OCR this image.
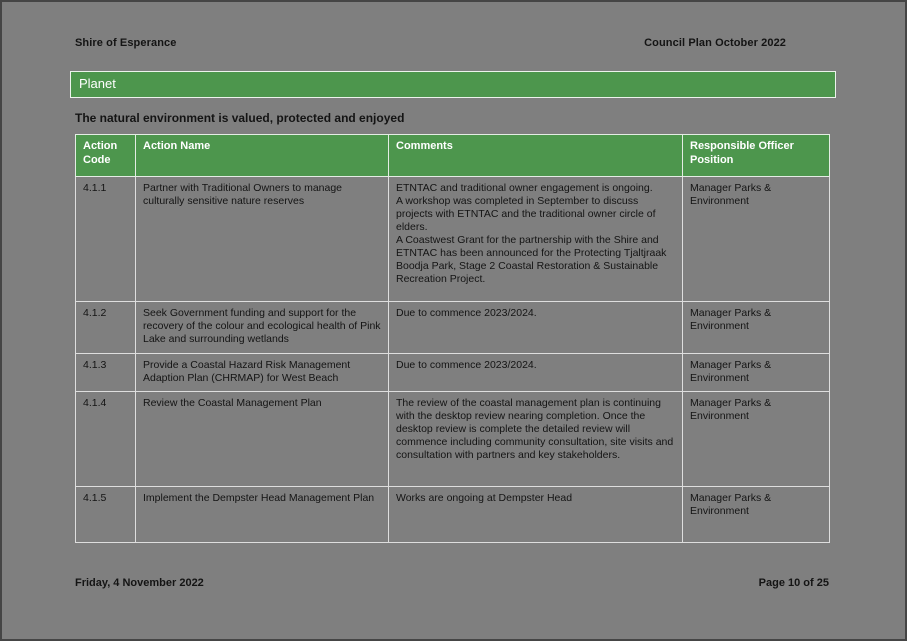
Shire of Esperance	Council Plan October 2022
Planet
The natural environment is valued, protected and enjoyed
Action Code	Action Name	Comments	Responsible Officer Position
4.1.1	Partner with Traditional Owners to manage culturally sensitive nature reserves	ETNTAC and traditional owner engagement is ongoing.
A workshop was completed in September to discuss projects with ETNTAC and the traditional owner circle of elders.
A Coastwest Grant for the partnership with the Shire and ETNTAC has been announced for the Protecting Tjaltjraak Boodja Park, Stage 2 Coastal Restoration & Sustainable Recreation Project.	Manager Parks & Environment
4.1.2	Seek Government funding and support for the recovery of the colour and ecological health of Pink Lake and surrounding wetlands	Due to commence 2023/2024.	Manager Parks & Environment
4.1.3	Provide a Coastal Hazard Risk Management Adaption Plan (CHRMAP) for West Beach	Due to commence 2023/2024.	Manager Parks & Environment
4.1.4	Review the Coastal Management Plan	The review of the coastal management plan is continuing with the desktop review nearing completion. Once the desktop review is complete the detailed review will commence including community consultation, site visits and consultation with partners and key stakeholders.	Manager Parks & Environment
4.1.5	Implement the Dempster Head Management Plan	Works are ongoing at Dempster Head	Manager Parks & Environment
Friday, 4 November 2022	Page 10 of 25
